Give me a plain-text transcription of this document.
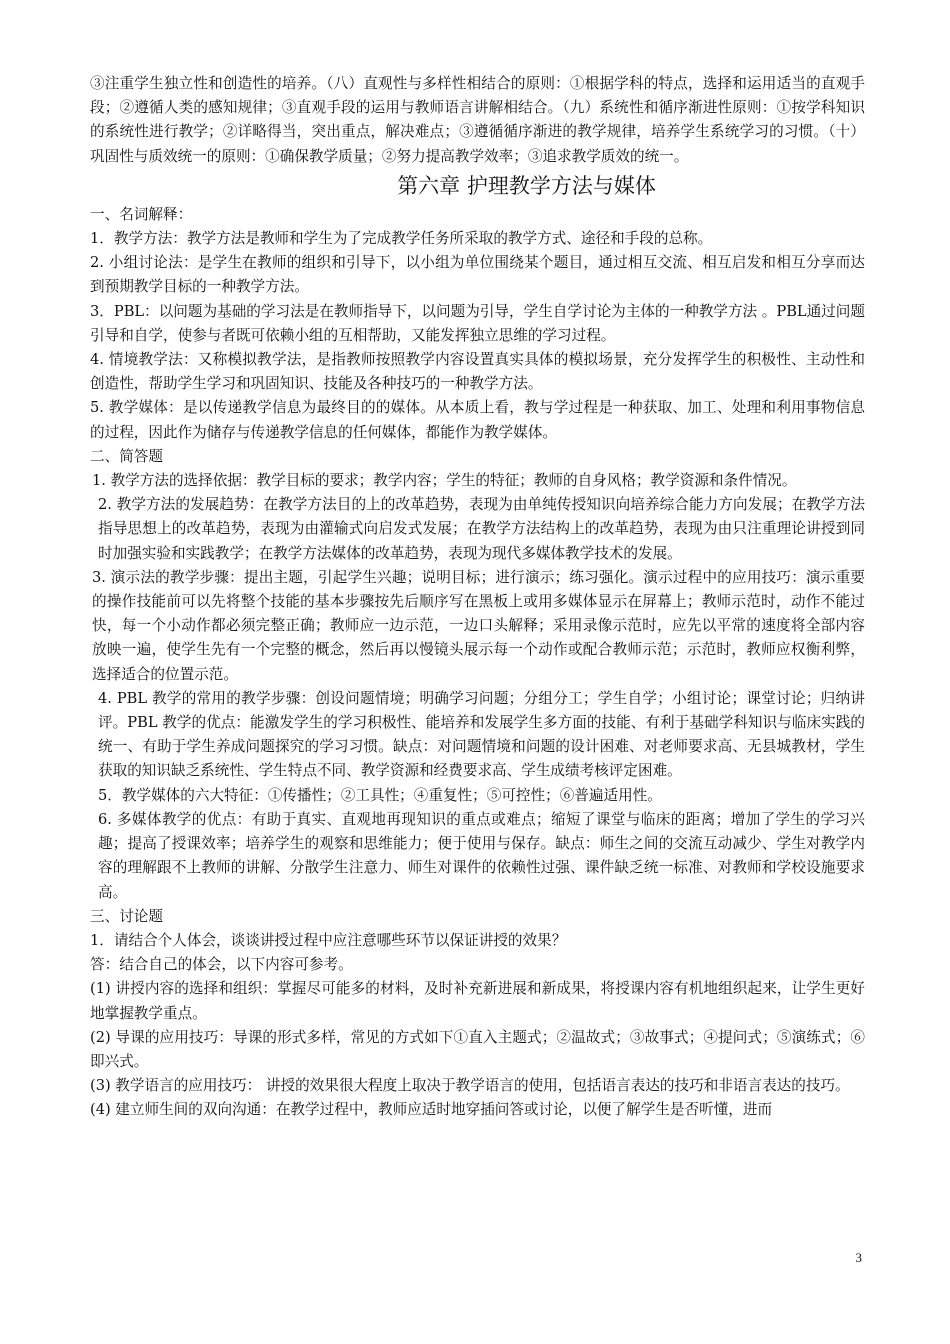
③注重学生独立性和创造性的培养。（八）直观性与多样性相结合的原则：①根据学科的特点，选择和运用适当的直观手段；②遵循人类的感知规律；③直观手段的运用与教师语言讲解相结合。（九）系统性和循序渐进性原则：①按学科知识的系统性进行教学；②详略得当，突出重点，解决难点；③遵循循序渐进的教学规律，培养学生系统学习的习惯。（十）巩固性与质效统一的原则：①确保教学质量；②努力提高教学效率；③追求教学质效的统一。

第六章 护理教学方法与媒体

一、名词解释：

1．教学方法：教学方法是教师和学生为了完成教学任务所采取的教学方式、途径和手段的总称。

2. 小组讨论法：是学生在教师的组织和引导下，以小组为单位围绕某个题目，通过相互交流、相互启发和相互分享而达到预期教学目标的一种教学方法。

3．PBL：以问题为基础的学习法是在教师指导下，以问题为引导，学生自学讨论为主体的一种教学方法 。PBL通过问题引导和自学，使参与者既可依赖小组的互相帮助，又能发挥独立思维的学习过程。

4. 情境教学法：又称模拟教学法，是指教师按照教学内容设置真实具体的模拟场景，充分发挥学生的积极性、主动性和创造性，帮助学生学习和巩固知识、技能及各种技巧的一种教学方法。

5. 教学媒体：是以传递教学信息为最终目的的媒体。从本质上看，教与学过程是一种获取、加工、处理和利用事物信息的过程，因此作为储存与传递教学信息的任何媒体，都能作为教学媒体。

二、简答题

1. 教学方法的选择依据：教学目标的要求；教学内容；学生的特征；教师的自身风格；教学资源和条件情况。

2. 教学方法的发展趋势：在教学方法目的上的改革趋势，表现为由单纯传授知识向培养综合能力方向发展；在教学方法指导思想上的改革趋势，表现为由灌输式向启发式发展；在教学方法结构上的改革趋势，表现为由只注重理论讲授到同时加强实验和实践教学；在教学方法媒体的改革趋势，表现为现代多媒体教学技术的发展。

3. 演示法的教学步骤：提出主题，引起学生兴趣；说明目标；进行演示；练习强化。演示过程中的应用技巧：演示重要的操作技能前可以先将整个技能的基本步骤按先后顺序写在黑板上或用多媒体显示在屏幕上；教师示范时，动作不能过快，每一个小动作都必须完整正确；教师应一边示范，一边口头解释；采用录像示范时，应先以平常的速度将全部内容放映一遍，使学生先有一个完整的概念，然后再以慢镜头展示每一个动作或配合教师示范；示范时，教师应权衡利弊，选择适合的位置示范。

4. PBL 教学的常用的教学步骤：创设问题情境；明确学习问题；分组分工；学生自学；小组讨论；课堂讨论；归纳讲评。PBL 教学的优点：能激发学生的学习积极性、能培养和发展学生多方面的技能、有利于基础学科知识与临床实践的统一、有助于学生养成问题探究的学习习惯。缺点：对问题情境和问题的设计困难、对老师要求高、无县城教材，学生获取的知识缺乏系统性、学生特点不同、教学资源和经费要求高、学生成绩考核评定困难。

5．教学媒体的六大特征：①传播性；②工具性；④重复性；⑤可控性；⑥普遍适用性。

6. 多媒体教学的优点：有助于真实、直观地再现知识的重点或难点；缩短了课堂与临床的距离；增加了学生的学习兴趣；提高了授课效率；培养学生的观察和思维能力；便于使用与保存。缺点：师生之间的交流互动减少、学生对教学内容的理解跟不上教师的讲解、分散学生注意力、师生对课件的依赖性过强、课件缺乏统一标准、对教师和学校设施要求高。

三、讨论题

1．请结合个人体会，谈谈讲授过程中应注意哪些环节以保证讲授的效果？

答：结合自己的体会，以下内容可参考。

(1) 讲授内容的选择和组织：掌握尽可能多的材料，及时补充新进展和新成果，将授课内容有机地组织起来，让学生更好地掌握教学重点。

(2) 导课的应用技巧：导课的形式多样，常见的方式如下①直入主题式；②温故式；③故事式；④提问式；⑤演练式；⑥即兴式。

(3) 教学语言的应用技巧： 讲授的效果很大程度上取决于教学语言的使用，包括语言表达的技巧和非语言表达的技巧。

(4) 建立师生间的双向沟通：在教学过程中，教师应适时地穿插问答或讨论，以便了解学生是否听懂，进而

3
